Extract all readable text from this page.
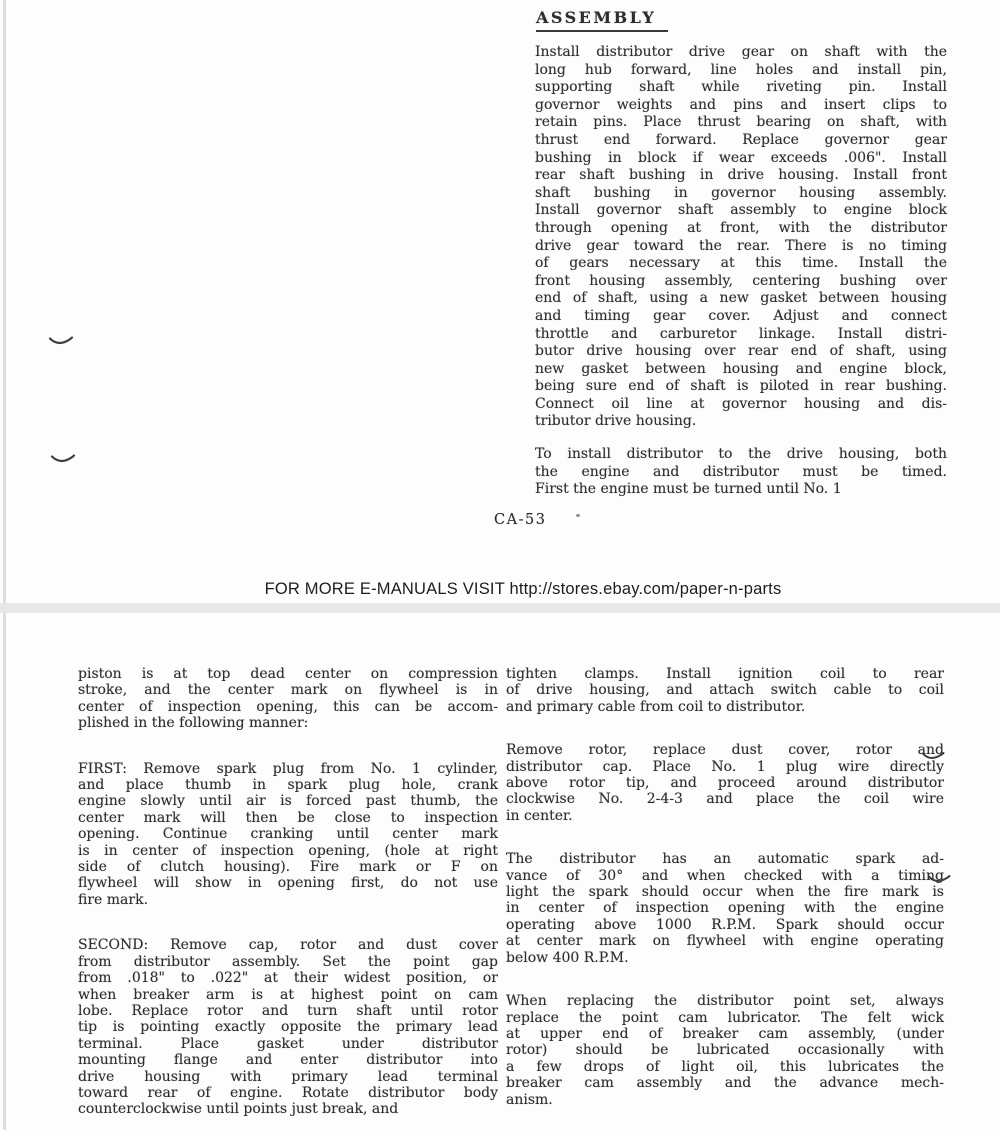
ASSEMBLY
Install distributor drive gear on shaft with the
long hub forward, line holes and install pin,
supporting shaft while riveting pin. Install
governor weights and pins and insert clips to
retain pins. Place thrust bearing on shaft, with
thrust end forward. Replace governor gear
bushing in block if wear exceeds .006". Install
rear shaft bushing in drive housing. Install front
shaft bushing in governor housing assembly.
Install governor shaft assembly to engine block
through opening at front, with the distributor
drive gear toward the rear. There is no timing
of gears necessary at this time. Install the
front housing assembly, centering bushing over
end of shaft, using a new gasket between housing
and timing gear cover. Adjust and connect
throttle and carburetor linkage. Install distri-
butor drive housing over rear end of shaft, using
new gasket between housing and engine block,
being sure end of shaft is piloted in rear bushing.
Connect oil line at governor housing and dis-
tributor drive housing.
To install distributor to the drive housing, both
the engine and distributor must be timed.
First the engine must be turned until No. 1
CA-53
FOR MORE E-MANUALS VISIT http://stores.ebay.com/paper-n-parts
piston is at top dead center on compression
stroke, and the center mark on flywheel is in
center of inspection opening, this can be accom-
plished in the following manner:
FIRST: Remove spark plug from No. 1 cylinder,
and place thumb in spark plug hole, crank
engine slowly until air is forced past thumb, the
center mark will then be close to inspection
opening. Continue cranking until center mark
is in center of inspection opening, (hole at right
side of clutch housing). Fire mark or F on
flywheel will show in opening first, do not use
fire mark.
SECOND: Remove cap, rotor and dust cover
from distributor assembly. Set the point gap
from .018" to .022" at their widest position, or
when breaker arm is at highest point on cam
lobe. Replace rotor and turn shaft until rotor
tip is pointing exactly opposite the primary lead
terminal. Place gasket under distributor
mounting flange and enter distributor into
drive housing with primary lead terminal
toward rear of engine. Rotate distributor body
counterclockwise until points just break, and
tighten clamps. Install ignition coil to rear
of drive housing, and attach switch cable to coil
and primary cable from coil to distributor.
Remove rotor, replace dust cover, rotor and
distributor cap. Place No. 1 plug wire directly
above rotor tip, and proceed around distributor
clockwise No. 2-4-3 and place the coil wire
in center.
The distributor has an automatic spark ad-
vance of 30° and when checked with a timing
light the spark should occur when the fire mark is
in center of inspection opening with the engine
operating above 1000 R.P.M. Spark should occur
at center mark on flywheel with engine operating
below 400 R.P.M.
When replacing the distributor point set, always
replace the point cam lubricator. The felt wick
at upper end of breaker cam assembly, (under
rotor) should be lubricated occasionally with
a few drops of light oil, this lubricates the
breaker cam assembly and the advance mech-
anism.
